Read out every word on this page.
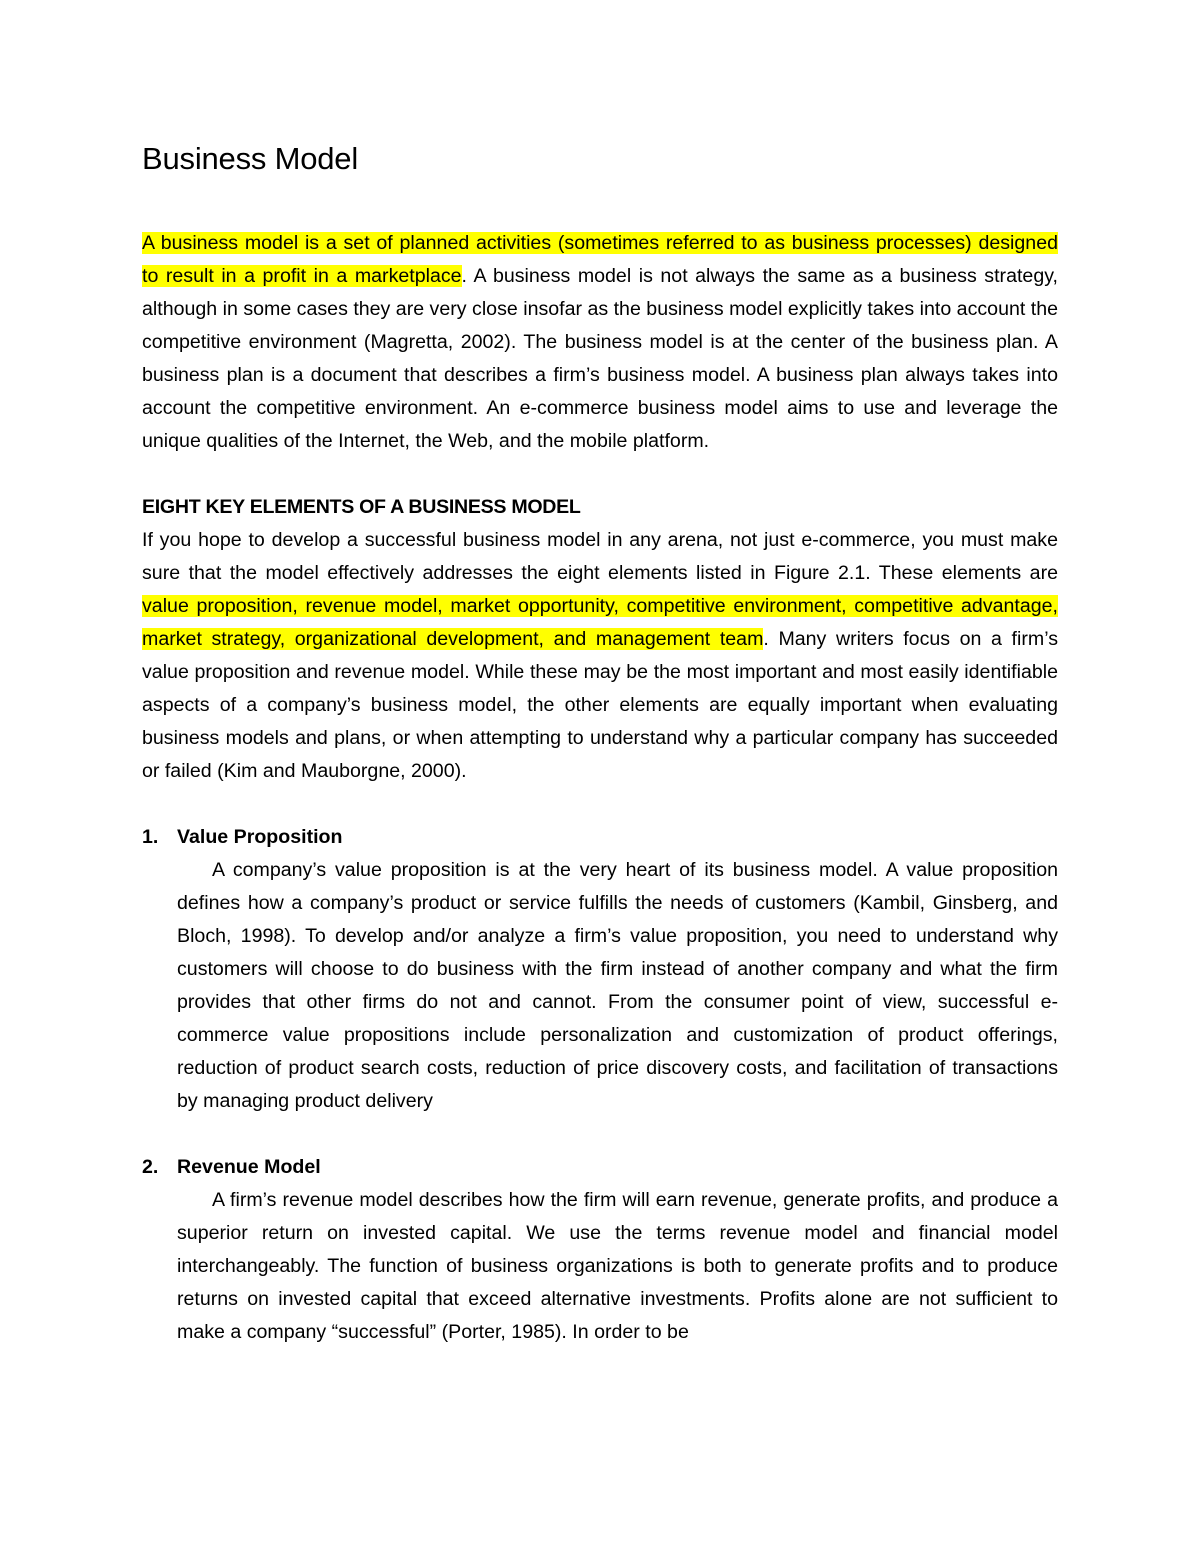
Business Model

A business model is a set of planned activities (sometimes referred to as business processes) designed to result in a profit in a marketplace. A business model is not always the same as a business strategy, although in some cases they are very close insofar as the business model explicitly takes into account the competitive environment (Magretta, 2002). The business model is at the center of the business plan. A business plan is a document that describes a firm’s business model. A business plan always takes into account the competitive environment. An e-commerce business model aims to use and leverage the unique qualities of the Internet, the Web, and the mobile platform.

EIGHT KEY ELEMENTS OF A BUSINESS MODEL

If you hope to develop a successful business model in any arena, not just e-commerce, you must make sure that the model effectively addresses the eight elements listed in Figure 2.1. These elements are value proposition, revenue model, market opportunity, competitive environment, competitive advantage, market strategy, organizational development, and management team. Many writers focus on a firm’s value proposition and revenue model. While these may be the most important and most easily identifiable aspects of a company’s business model, the other elements are equally important when evaluating business models and plans, or when attempting to understand why a particular company has succeeded or failed (Kim and Mauborgne, 2000).

1. Value Proposition
A company’s value proposition is at the very heart of its business model. A value proposition defines how a company’s product or service fulfills the needs of customers (Kambil, Ginsberg, and Bloch, 1998). To develop and/or analyze a firm’s value proposition, you need to understand why customers will choose to do business with the firm instead of another company and what the firm provides that other firms do not and cannot. From the consumer point of view, successful e-commerce value propositions include personalization and customization of product offerings, reduction of product search costs, reduction of price discovery costs, and facilitation of transactions by managing product delivery
2. Revenue Model
A firm’s revenue model describes how the firm will earn revenue, generate profits, and produce a superior return on invested capital. We use the terms revenue model and financial model interchangeably. The function of business organizations is both to generate profits and to produce returns on invested capital that exceed alternative investments. Profits alone are not sufficient to make a company “successful” (Porter, 1985). In order to be
